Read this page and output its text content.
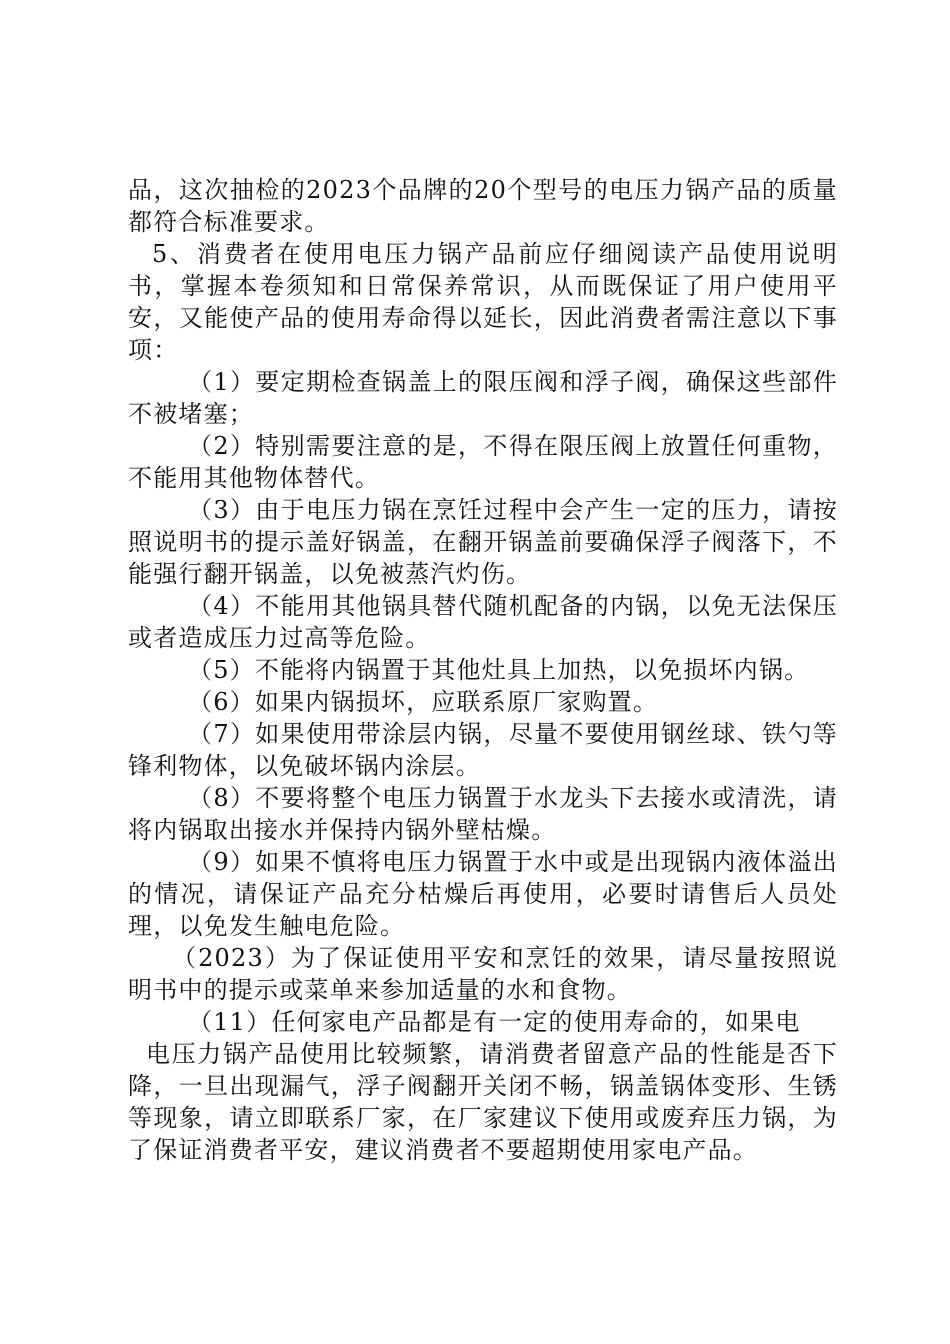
品，这次抽检的2023个品牌的20个型号的电压力锅产品的质量都符合标准要求。

5、消费者在使用电压力锅产品前应仔细阅读产品使用说明书，掌握本卷须知和日常保养常识，从而既保证了用户使用平安，又能使产品的使用寿命得以延长，因此消费者需注意以下事项：

（1）要定期检查锅盖上的限压阀和浮子阀，确保这些部件不被堵塞；

（2）特别需要注意的是，不得在限压阀上放置任何重物，不能用其他物体替代。

（3）由于电压力锅在烹饪过程中会产生一定的压力，请按照说明书的提示盖好锅盖，在翻开锅盖前要确保浮子阀落下，不能强行翻开锅盖，以免被蒸汽灼伤。

（4）不能用其他锅具替代随机配备的内锅，以免无法保压或者造成压力过高等危险。

（5）不能将内锅置于其他灶具上加热，以免损坏内锅。

（6）如果内锅损坏，应联系原厂家购置。

（7）如果使用带涂层内锅，尽量不要使用钢丝球、铁勺等锋利物体，以免破坏锅内涂层。

（8）不要将整个电压力锅置于水龙头下去接水或清洗，请将内锅取出接水并保持内锅外壁枯燥。

（9）如果不慎将电压力锅置于水中或是出现锅内液体溢出的情况，请保证产品充分枯燥后再使用，必要时请售后人员处理，以免发生触电危险。

（2023）为了保证使用平安和烹饪的效果，请尽量按照说明书中的提示或菜单来参加适量的水和食物。

（11）任何家电产品都是有一定的使用寿命的，如果电

电压力锅产品使用比较频繁，请消费者留意产品的性能是否下降，一旦出现漏气，浮子阀翻开关闭不畅，锅盖锅体变形、生锈等现象，请立即联系厂家，在厂家建议下使用或废弃压力锅，为了保证消费者平安，建议消费者不要超期使用家电产品。
